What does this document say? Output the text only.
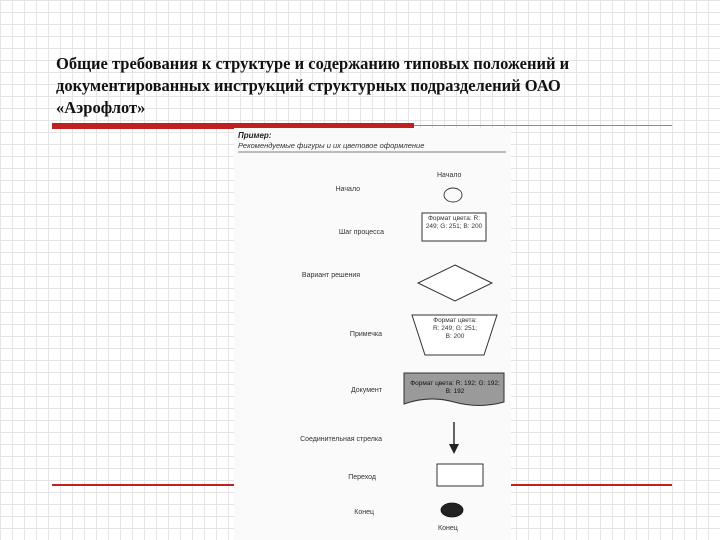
Общие требования к структуре и содержанию типовых положений и
документированных инструкций структурных подразделений ОАО
«Аэрофлот»
Пример:
Рекомендуемые фигуры и их цветовое оформление
Начало
Начало
Шаг процесса
Формат цвета: R: 249; G: 251; B: 200
Вариант решения
Примечка
Формат цвета: R: 249; G: 251; B: 200
Документ
Формат цвета: R: 192; G: 192; B: 192
Соединительная стрелка
Переход
Конец
Конец
